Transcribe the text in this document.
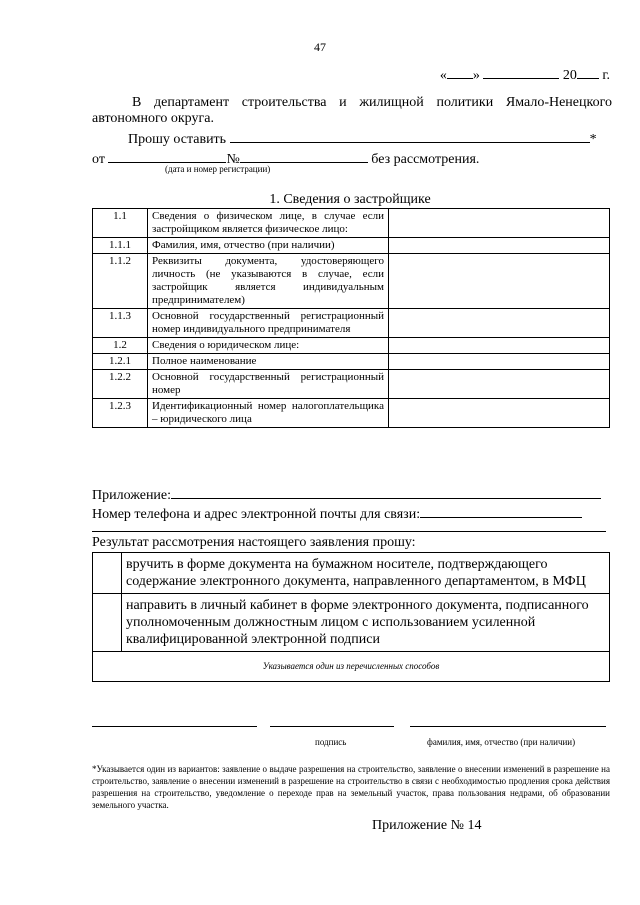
47
« »	20 г.
В департамент строительства и жилищной политики Ямало-Ненецкого автономного округа.
Прошу оставить	*
от	№	без рассмотрения.
(дата и номер регистрации)
1. Сведения о застройщике
1.1	Сведения о физическом лице, в случае если застройщиком является физическое лицо:	
1.1.1	Фамилия, имя, отчество (при наличии)	
1.1.2	Реквизиты документа, удостоверяющего личность (не указываются в случае, если застройщик является индивидуальным предпринимателем)	
1.1.3	Основной государственный регистрационный номер индивидуального предпринимателя	
1.2	Сведения о юридическом лице:	
1.2.1	Полное наименование	
1.2.2	Основной государственный регистрационный номер	
1.2.3	Идентификационный номер налогоплательщика – юридического лица	
Приложение:
Номер телефона и адрес электронной почты для связи:
Результат рассмотрения настоящего заявления прошу:
	вручить в форме документа на бумажном носителе, подтверждающего содержание электронного документа, направленного департаментом, в МФЦ
	направить в личный кабинет в форме электронного документа, подписанного уполномоченным должностным лицом с использованием усиленной квалифицированной электронной подписи
Указывается один из перечисленных способов	
подпись	фамилия, имя, отчество (при наличии)
*Указывается один из вариантов: заявление о выдаче разрешения на строительство, заявление о внесении изменений в разрешение на строительство, заявление о внесении изменений в разрешение на строительство в связи с необходимостью продления срока действия разрешения на строительство, уведомление о переходе прав на земельный участок, права пользования недрами, об образовании земельного участка.
Приложение № 14
